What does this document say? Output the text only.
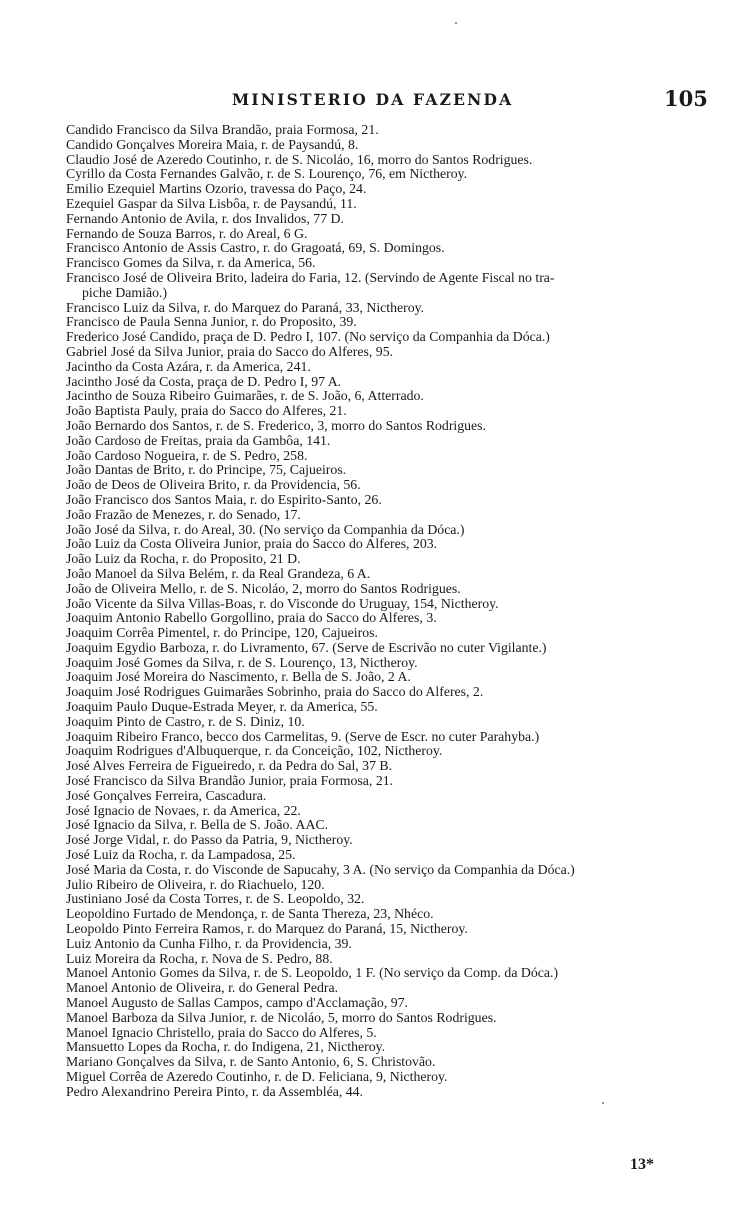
MINISTERIO DA FAZENDA	105
Candido Francisco da Silva Brandão, praia Formosa, 21.
Candido Gonçalves Moreira Maia, r. de Paysandú, 8.
Claudio José de Azeredo Coutinho, r. de S. Nicoláo, 16, morro do Santos Rodrigues.
Cyrillo da Costa Fernandes Galvão, r. de S. Lourenço, 76, em Nictheroy.
Emilio Ezequiel Martins Ozorio, travessa do Paço, 24.
Ezequiel Gaspar da Silva Lisbôa, r. de Paysandú, 11.
Fernando Antonio de Avila, r. dos Invalidos, 77 D.
Fernando de Souza Barros, r. do Areal, 6 G.
Francisco Antonio de Assis Castro, r. do Gragoatá, 69, S. Domingos.
Francisco Gomes da Silva, r. da America, 56.
Francisco José de Oliveira Brito, ladeira do Faria, 12. (Servindo de Agente Fiscal no tra-
piche Damião.)
Francisco Luiz da Silva, r. do Marquez do Paraná, 33, Nictheroy.
Francisco de Paula Senna Junior, r. do Proposito, 39.
Frederico José Candido, praça de D. Pedro I, 107. (No serviço da Companhia da Dóca.)
Gabriel José da Silva Junior, praia do Sacco do Alferes, 95.
Jacintho da Costa Azára, r. da America, 241.
Jacintho José da Costa, praça de D. Pedro I, 97 A.
Jacintho de Souza Ribeiro Guimarães, r. de S. João, 6, Atterrado.
João Baptista Pauly, praia do Sacco do Alferes, 21.
João Bernardo dos Santos, r. de S. Frederico, 3, morro do Santos Rodrigues.
João Cardoso de Freitas, praia da Gambôa, 141.
João Cardoso Nogueira, r. de S. Pedro, 258.
João Dantas de Brito, r. do Principe, 75, Cajueiros.
João de Deos de Oliveira Brito, r. da Providencia, 56.
João Francisco dos Santos Maia, r. do Espirito-Santo, 26.
João Frazão de Menezes, r. do Senado, 17.
João José da Silva, r. do Areal, 30. (No serviço da Companhia da Dóca.)
João Luiz da Costa Oliveira Junior, praia do Sacco do Alferes, 203.
João Luiz da Rocha, r. do Proposito, 21 D.
João Manoel da Silva Belém, r. da Real Grandeza, 6 A.
João de Oliveira Mello, r. de S. Nicoláo, 2, morro do Santos Rodrigues.
João Vicente da Silva Villas-Boas, r. do Visconde do Uruguay, 154, Nictheroy.
Joaquim Antonio Rabello Gorgollino, praia do Sacco do Alferes, 3.
Joaquim Corrêa Pimentel, r. do Principe, 120, Cajueiros.
Joaquim Egydio Barboza, r. do Livramento, 67. (Serve de Escrivão no cuter Vigilante.)
Joaquim José Gomes da Silva, r. de S. Lourenço, 13, Nictheroy.
Joaquim José Moreira do Nascimento, r. Bella de S. João, 2 A.
Joaquim José Rodrigues Guimarães Sobrinho, praia do Sacco do Alferes, 2.
Joaquim Paulo Duque-Estrada Meyer, r. da America, 55.
Joaquim Pinto de Castro, r. de S. Diniz, 10.
Joaquim Ribeiro Franco, becco dos Carmelitas, 9. (Serve de Escr. no cuter Parahyba.)
Joaquim Rodrigues d'Albuquerque, r. da Conceição, 102, Nictheroy.
José Alves Ferreira de Figueiredo, r. da Pedra do Sal, 37 B.
José Francisco da Silva Brandão Junior, praia Formosa, 21.
José Gonçalves Ferreira, Cascadura.
José Ignacio de Novaes, r. da America, 22.
José Ignacio da Silva, r. Bella de S. João. AAC.
José Jorge Vidal, r. do Passo da Patria, 9, Nictheroy.
José Luiz da Rocha, r. da Lampadosa, 25.
José Maria da Costa, r. do Visconde de Sapucahy, 3 A. (No serviço da Companhia da Dóca.)
Julio Ribeiro de Oliveira, r. do Riachuelo, 120.
Justiniano José da Costa Torres, r. de S. Leopoldo, 32.
Leopoldino Furtado de Mendonça, r. de Santa Thereza, 23, Nhéco.
Leopoldo Pinto Ferreira Ramos, r. do Marquez do Paraná, 15, Nictheroy.
Luiz Antonio da Cunha Filho, r. da Providencia, 39.
Luiz Moreira da Rocha, r. Nova de S. Pedro, 88.
Manoel Antonio Gomes da Silva, r. de S. Leopoldo, 1 F. (No serviço da Comp. da Dóca.)
Manoel Antonio de Oliveira, r. do General Pedra.
Manoel Augusto de Sallas Campos, campo d'Acclamação, 97.
Manoel Barboza da Silva Junior, r. de Nicoláo, 5, morro do Santos Rodrigues.
Manoel Ignacio Christello, praia do Sacco do Alferes, 5.
Mansuetto Lopes da Rocha, r. do Indigena, 21, Nictheroy.
Mariano Gonçalves da Silva, r. de Santo Antonio, 6, S. Christovão.
Miguel Corrêa de Azeredo Coutinho, r. de D. Feliciana, 9, Nictheroy.
Pedro Alexandrino Pereira Pinto, r. da Assembléa, 44.
13*
